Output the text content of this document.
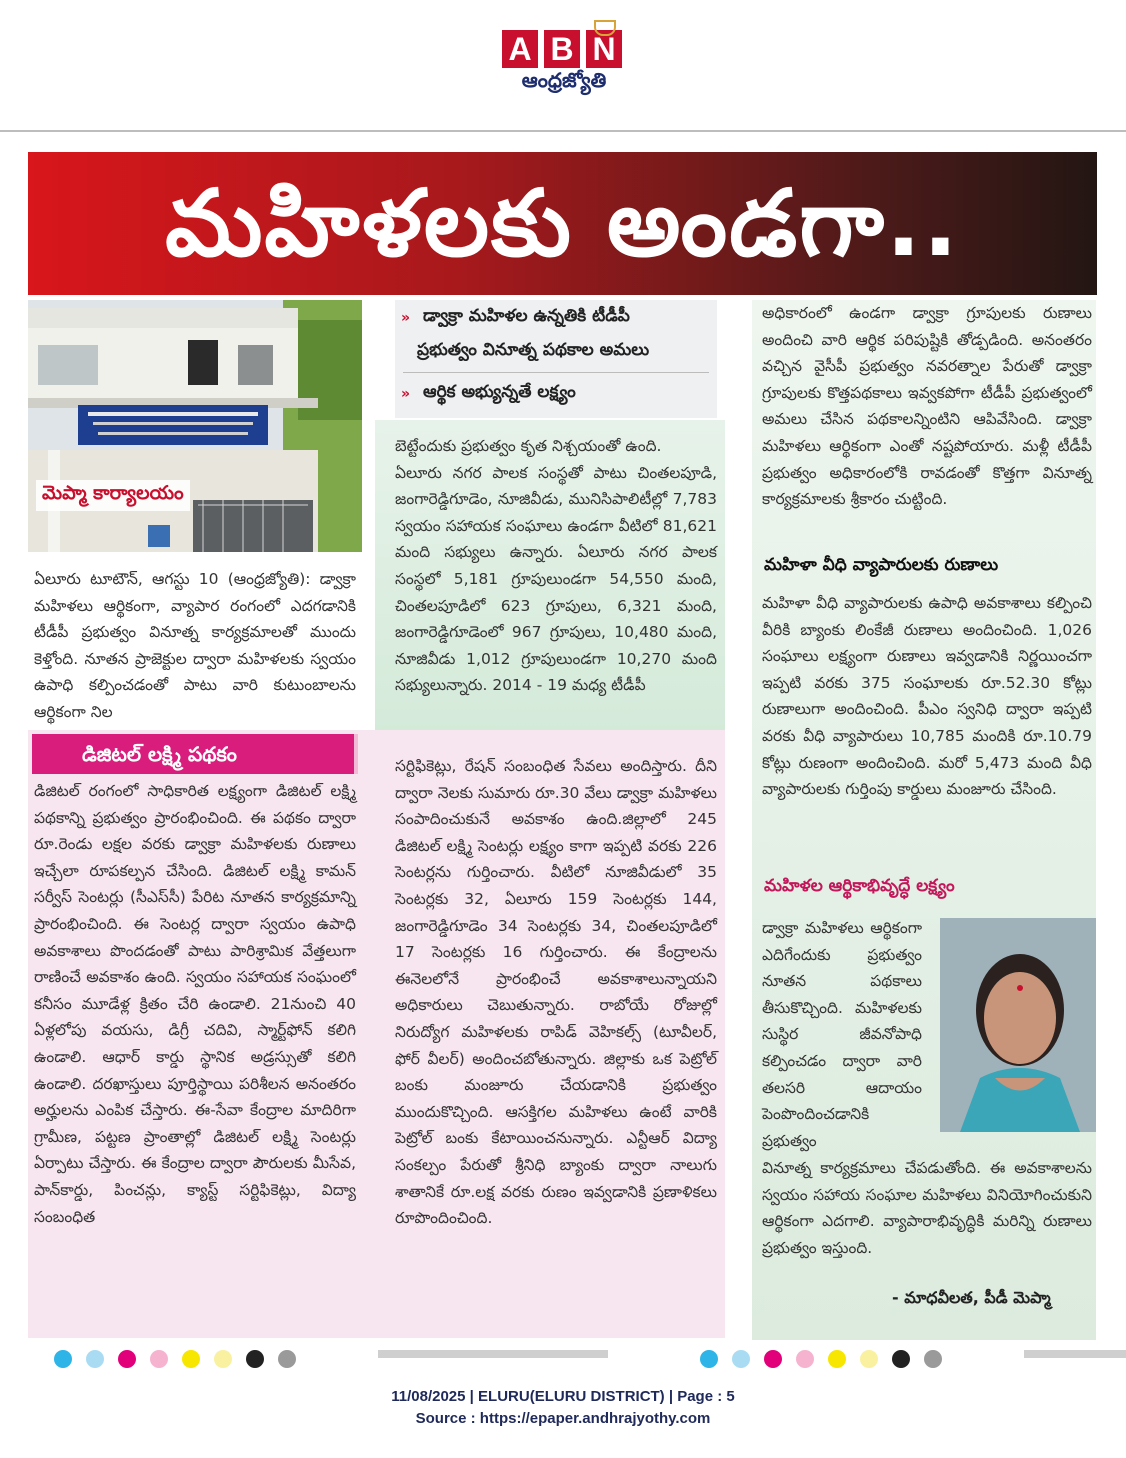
A B N
ఆంధ్రజ్యోతి
మహిళలకు అండగా..
మెప్మా కార్యాలయం
» డ్వాక్రా మహిళల ఉన్నతికి టీడీపీ
ప్రభుత్వం వినూత్న పథకాల అమలు
» ఆర్థిక అభ్యున్నతే లక్ష్యం

ఏలూరు టూటౌన్, ఆగస్టు 10 (ఆంధ్రజ్యోతి): డ్వాక్రా మహిళలు ఆర్థికంగా, వ్యాపార రంగంలో ఎదగడానికి టీడీపీ ప్రభుత్వం వినూత్న కార్యక్రమాలతో ముందు కెళ్తోంది. నూతన ప్రాజెక్టుల ద్వారా మహిళలకు స్వయం ఉపాధి కల్పించడంతో పాటు వారి కుటుంబాలను ఆర్థికంగా నిల

డిజిటల్ లక్ష్మి పథకం

డిజిటల్ రంగంలో సాధికారిత లక్ష్యంగా డిజిటల్ లక్ష్మి పథకాన్ని ప్రభుత్వం ప్రారంభించింది. ఈ పథకం ద్వారా రూ.రెండు లక్షల వరకు డ్వాక్రా మహిళలకు రుణాలు ఇచ్చేలా రూపకల్పన చేసింది. డిజిటల్ లక్ష్మి కామన్ సర్వీస్ సెంటర్లు (సీఎస్‌సీ) పేరిట నూతన కార్యక్రమాన్ని ప్రారంభించింది. ఈ సెంటర్ల ద్వారా స్వయం ఉపాధి అవకాశాలు పొందడంతో పాటు పారిశ్రామిక వేత్తలుగా రాణించే అవకాశం ఉంది. స్వయం సహాయక సంఘంలో కనీసం మూడేళ్ల క్రితం చేరి ఉండాలి. 21నుంచి 40 ఏళ్లలోపు వయసు, డిగ్రీ చదివి, స్మార్ట్‌ఫోన్ కలిగి ఉండాలి. ఆధార్ కార్డు స్థానిక అడ్రస్సుతో కలిగి ఉండాలి. దరఖాస్తులు పూర్తిస్థాయి పరిశీలన అనంతరం అర్హులను ఎంపిక చేస్తారు. ఈ-సేవా కేంద్రాల మాదిరిగా గ్రామీణ, పట్టణ ప్రాంతాల్లో డిజిటల్ లక్ష్మి సెంటర్లు ఏర్పాటు చేస్తారు. ఈ కేంద్రాల ద్వారా పౌరులకు మీసేవ, పాన్‌కార్డు, పించన్లు, క్యాస్ట్ సర్టిఫికెట్లు, విద్యా సంబంధిత

బెట్టేందుకు ప్రభుత్వం కృత నిశ్చయంతో ఉంది.

ఏలూరు నగర పాలక సంస్థతో పాటు చింతలపూడి, జంగారెడ్డిగూడెం, నూజివీడు, మునిసిపాలిటీల్లో 7,783 స్వయం సహాయక సంఘాలు ఉండగా వీటిలో 81,621 మంది సభ్యులు ఉన్నారు. ఏలూరు నగర పాలక సంస్థలో 5,181 గ్రూపులుండగా 54,550 మంది, చింతలపూడిలో 623 గ్రూపులు, 6,321 మంది, జంగారెడ్డిగూడెంలో 967 గ్రూపులు, 10,480 మంది, నూజివీడు 1,012 గ్రూపులుండగా 10,270 మంది సభ్యులున్నారు. 2014 - 19 మధ్య టీడీపీ

సర్టిఫికెట్లు, రేషన్ సంబంధిత సేవలు అందిస్తారు. దీని ద్వారా నెలకు సుమారు రూ.30 వేలు డ్వాక్రా మహిళలు సంపాదించుకునే అవకాశం ఉంది.జిల్లాలో 245 డిజిటల్ లక్ష్మి సెంటర్లు లక్ష్యం కాగా ఇప్పటి వరకు 226 సెంటర్లను గుర్తించారు. వీటిలో నూజివీడులో 35 సెంటర్లకు 32, ఏలూరు 159 సెంటర్లకు 144, జంగారెడ్డిగూడెం 34 సెంటర్లకు 34, చింతలపూడిలో 17 సెంటర్లకు 16 గుర్తించారు. ఈ కేంద్రాలను ఈనెలలోనే ప్రారంభించే అవకాశాలున్నాయని అధికారులు చెబుతున్నారు. రాబోయే రోజుల్లో నిరుద్యోగ మహిళలకు రాపిడ్ వెహికల్స్ (టూవీలర్, ఫోర్ వీలర్) అందించబోతున్నారు. జిల్లాకు ఒక పెట్రోల్ బంకు మంజూరు చేయడానికి ప్రభుత్వం ముందుకొచ్చింది. ఆసక్తిగల మహిళలు ఉంటే వారికి పెట్రోల్ బంకు కేటాయించనున్నారు. ఎన్టీఆర్ విద్యా సంకల్పం పేరుతో శ్రీనిధి బ్యాంకు ద్వారా నాలుగు శాతానికే రూ.లక్ష వరకు రుణం ఇవ్వడానికి ప్రణాళికలు రూపొందించింది.

అధికారంలో ఉండగా డ్వాక్రా గ్రూపులకు రుణాలు అందించి వారి ఆర్థిక పరిపుష్టికి తోడ్పడింది. అనంతరం వచ్చిన వైసీపీ ప్రభుత్వం నవరత్నాల పేరుతో డ్వాక్రా గ్రూపులకు కొత్తపథకాలు ఇవ్వకపోగా టీడీపీ ప్రభుత్వంలో అమలు చేసిన పథకాలన్నింటిని ఆపివేసింది. డ్వాక్రా మహిళలు ఆర్థికంగా ఎంతో నష్టపోయారు. మళ్లీ టీడీపీ ప్రభుత్వం అధికారంలోకి రావడంతో కొత్తగా వినూత్న కార్యక్రమాలకు శ్రీకారం చుట్టింది.

మహిళా వీధి వ్యాపారులకు రుణాలు

మహిళా వీధి వ్యాపారులకు ఉపాధి అవకాశాలు కల్పించి వీరికి బ్యాంకు లింకేజీ రుణాలు అందించింది. 1,026 సంఘాలు లక్ష్యంగా రుణాలు ఇవ్వడానికి నిర్ణయించగా ఇప్పటి వరకు 375 సంఘాలకు రూ.52.30 కోట్లు రుణాలుగా అందించింది. పీఎం స్వనిధి ద్వారా ఇప్పటి వరకు వీధి వ్యాపారులు 10,785 మందికి రూ.10.79 కోట్లు రుణంగా అందించింది. మరో 5,473 మంది వీధి వ్యాపారులకు గుర్తింపు కార్డులు మంజూరు చేసింది.

మహిళల ఆర్థికాభివృద్ధే లక్ష్యం

డ్వాక్రా మహిళలు ఆర్థికంగా ఎదిగేందుకు ప్రభుత్వం నూతన పథకాలు తీసుకొచ్చింది. మహిళలకు సుస్థిర జీవనోపాధి కల్పించడం ద్వారా వారి తలసరి ఆదాయం పెంపొందించడానికి ప్రభుత్వం

వినూత్న కార్యక్రమాలు చేపడుతోంది. ఈ అవకాశాలను స్వయం సహాయ సంఘాల మహిళలు వినియోగించుకుని ఆర్థికంగా ఎదగాలి. వ్యాపారాభివృద్ధికి మరిన్ని రుణాలు ప్రభుత్వం ఇస్తుంది.

- మాధవీలత, పీడీ మెప్మా
11/08/2025 | ELURU(ELURU DISTRICT) | Page : 5
Source : https://epaper.andhrajyothy.com
